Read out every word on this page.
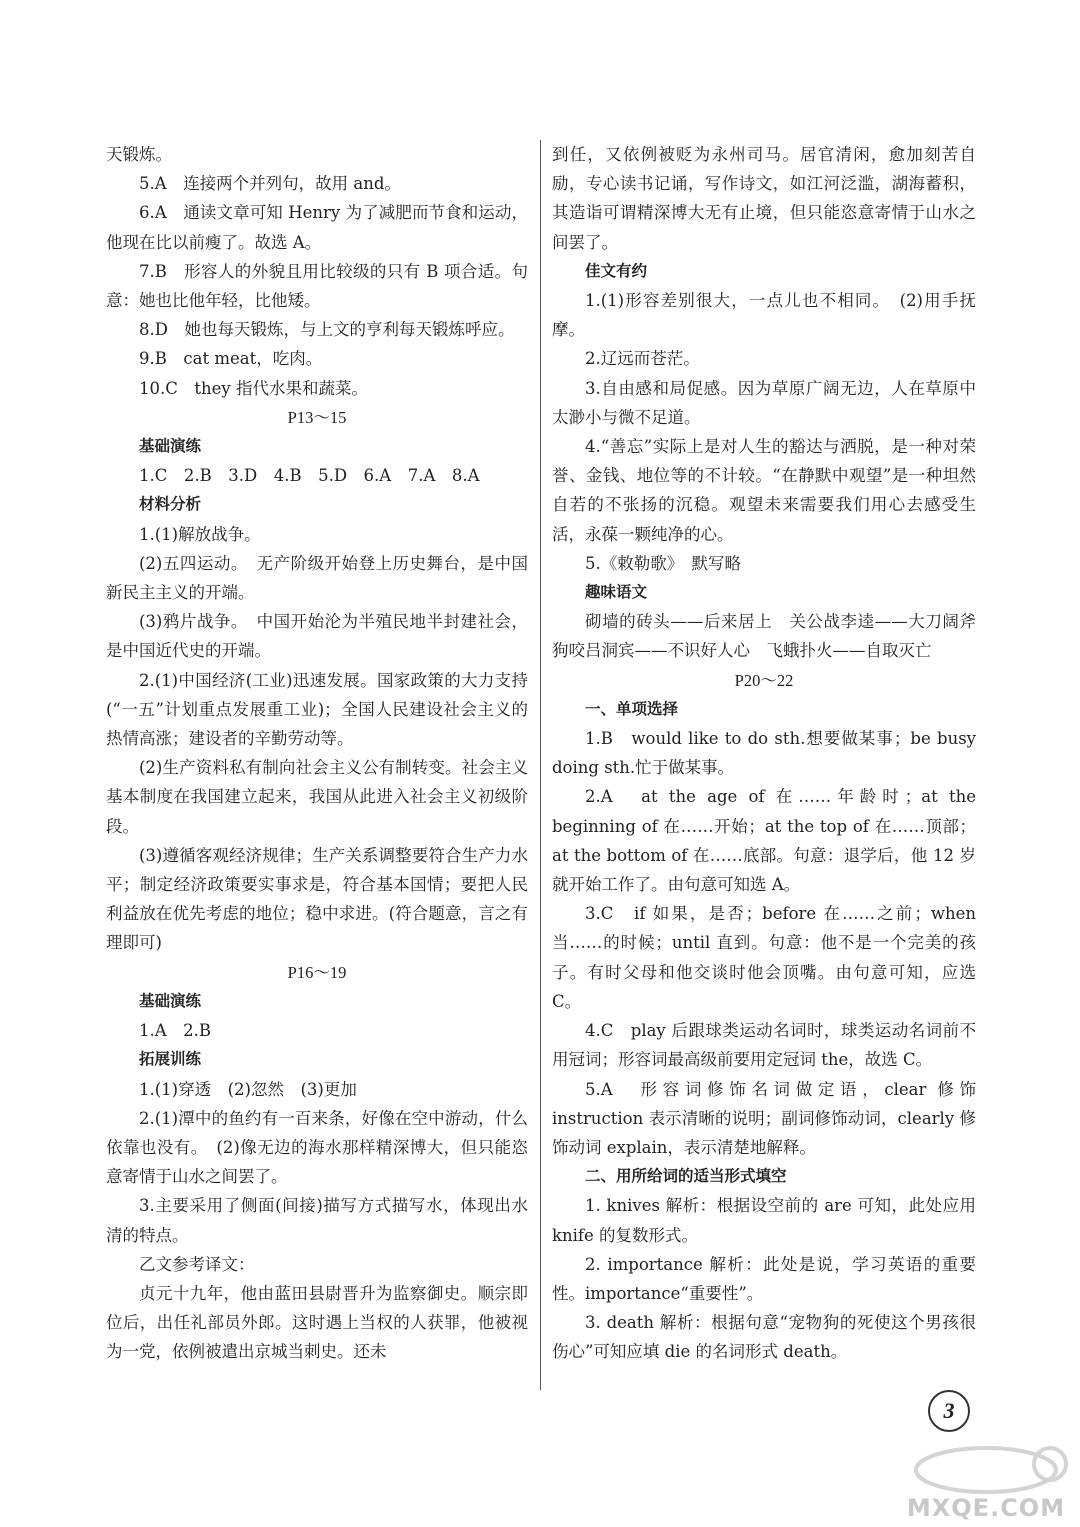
天锻炼。

5.A　连接两个并列句，故用 and。

6.A　通读文章可知 Henry 为了减肥而节食和运动，他现在比以前瘦了。故选 A。

7.B　形容人的外貌且用比较级的只有 B 项合适。句意：她也比他年轻，比他矮。

8.D　她也每天锻炼，与上文的亨利每天锻炼呼应。

9.B　cat meat，吃肉。

10.C　they 指代水果和蔬菜。

P13～15

基础演练

1.C　2.B　3.D　4.B　5.D　6.A　7.A　8.A

材料分析

1.(1)解放战争。

(2)五四运动。　无产阶级开始登上历史舞台，是中国新民主主义的开端。

(3)鸦片战争。　中国开始沦为半殖民地半封建社会，是中国近代史的开端。

2.(1)中国经济(工业)迅速发展。国家政策的大力支持(“一五”计划重点发展重工业)；全国人民建设社会主义的热情高涨；建设者的辛勤劳动等。

(2)生产资料私有制向社会主义公有制转变。社会主义基本制度在我国建立起来，我国从此进入社会主义初级阶段。

(3)遵循客观经济规律；生产关系调整要符合生产力水平；制定经济政策要实事求是，符合基本国情；要把人民利益放在优先考虑的地位；稳中求进。(符合题意，言之有理即可)

P16～19

基础演练

1.A　2.B

拓展训练

1.(1)穿透　(2)忽然　(3)更加

2.(1)潭中的鱼约有一百来条，好像在空中游动，什么依靠也没有。　(2)像无边的海水那样精深博大，但只能恣意寄情于山水之间罢了。

3.主要采用了侧面(间接)描写方式描写水，体现出水清的特点。

乙文参考译文：

贞元十九年，他由蓝田县尉晋升为监察御史。顺宗即位后，出任礼部员外郎。这时遇上当权的人获罪，他被视为一党，依例被遣出京城当刺史。还未

到任，又依例被贬为永州司马。居官清闲，愈加刻苦自励，专心读书记诵，写作诗文，如江河泛滥，湖海蓄积，其造诣可谓精深博大无有止境，但只能恣意寄情于山水之间罢了。

佳文有约

1.(1)形容差别很大，一点儿也不相同。　(2)用手抚摩。

2.辽远而苍茫。

3.自由感和局促感。因为草原广阔无边，人在草原中太渺小与微不足道。

4.“善忘”实际上是对人生的豁达与洒脱，是一种对荣誉、金钱、地位等的不计较。“在静默中观望”是一种坦然自若的不张扬的沉稳。观望未来需要我们用心去感受生活，永葆一颗纯净的心。

5.《敕勒歌》　默写略

趣味语文

砌墙的砖头——后来居上　关公战李逵——大刀阔斧　狗咬吕洞宾——不识好人心　飞蛾扑火——自取灭亡

P20～22

一、单项选择

1.B　would like to do sth.想要做某事；be busy doing sth.忙于做某事。

2.A　at the age of 在……年龄时；at the beginning of 在……开始；at the top of 在……顶部；at the bottom of 在……底部。句意：退学后，他 12 岁就开始工作了。由句意可知选 A。

3.C　if 如果，是否；before 在……之前；when 当……的时候；until 直到。句意：他不是一个完美的孩子。有时父母和他交谈时他会顶嘴。由句意可知，应选 C。

4.C　play 后跟球类运动名词时，球类运动名词前不用冠词；形容词最高级前要用定冠词 the，故选 C。

5.A　形容词修饰名词做定语，clear 修饰 instruction 表示清晰的说明；副词修饰动词，clearly 修饰动词 explain，表示清楚地解释。

二、用所给词的适当形式填空

1. knives 解析：根据设空前的 are 可知，此处应用 knife 的复数形式。

2. importance 解析：此处是说，学习英语的重要性。importance“重要性”。

3. death 解析：根据句意“宠物狗的死使这个男孩很伤心”可知应填 die 的名词形式 death。

3
MXQE.COM
